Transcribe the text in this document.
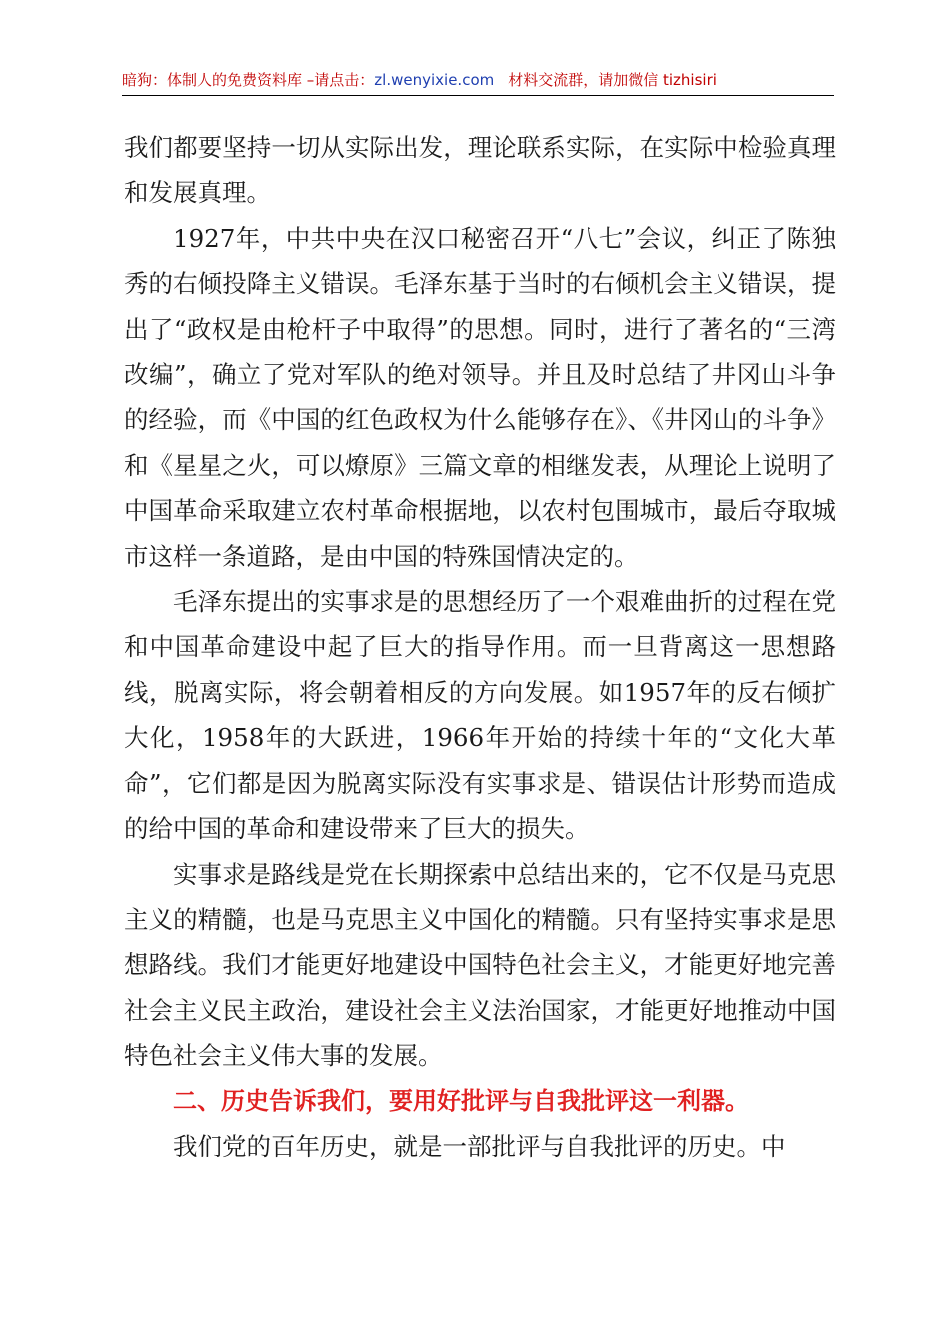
暗狗：体制人的免费资料库 –请点击：zl.wenyixie.com 材料交流群，请加微信 tizhisiri

我们都要坚持一切从实际出发，理论联系实际，在实际中检验真理和发展真理。

1927年，中共中央在汉口秘密召开“八七”会议，纠正了陈独秀的右倾投降主义错误。毛泽东基于当时的右倾机会主义错误，提出了“政权是由枪杆子中取得”的思想。同时，进行了著名的“三湾改编”，确立了党对军队的绝对领导。并且及时总结了井冈山斗争的经验，而《中国的红色政权为什么能够存在》、《井冈山的斗争》和《星星之火，可以燎原》三篇文章的相继发表，从理论上说明了中国革命采取建立农村革命根据地，以农村包围城市，最后夺取城市这样一条道路，是由中国的特殊国情决定的。

毛泽东提出的实事求是的思想经历了一个艰难曲折的过程在党和中国革命建设中起了巨大的指导作用。而一旦背离这一思想路线，脱离实际，将会朝着相反的方向发展。如1957年的反右倾扩大化，1958年的大跃进，1966年开始的持续十年的“文化大革命”，它们都是因为脱离实际没有实事求是、错误估计形势而造成的给中国的革命和建设带来了巨大的损失。

实事求是路线是党在长期探索中总结出来的，它不仅是马克思主义的精髓，也是马克思主义中国化的精髓。只有坚持实事求是思想路线。我们才能更好地建设中国特色社会主义，才能更好地完善社会主义民主政治，建设社会主义法治国家，才能更好地推动中国特色社会主义伟大事的发展。

二、历史告诉我们，要用好批评与自我批评这一利器。

我们党的百年历史，就是一部批评与自我批评的历史。中
